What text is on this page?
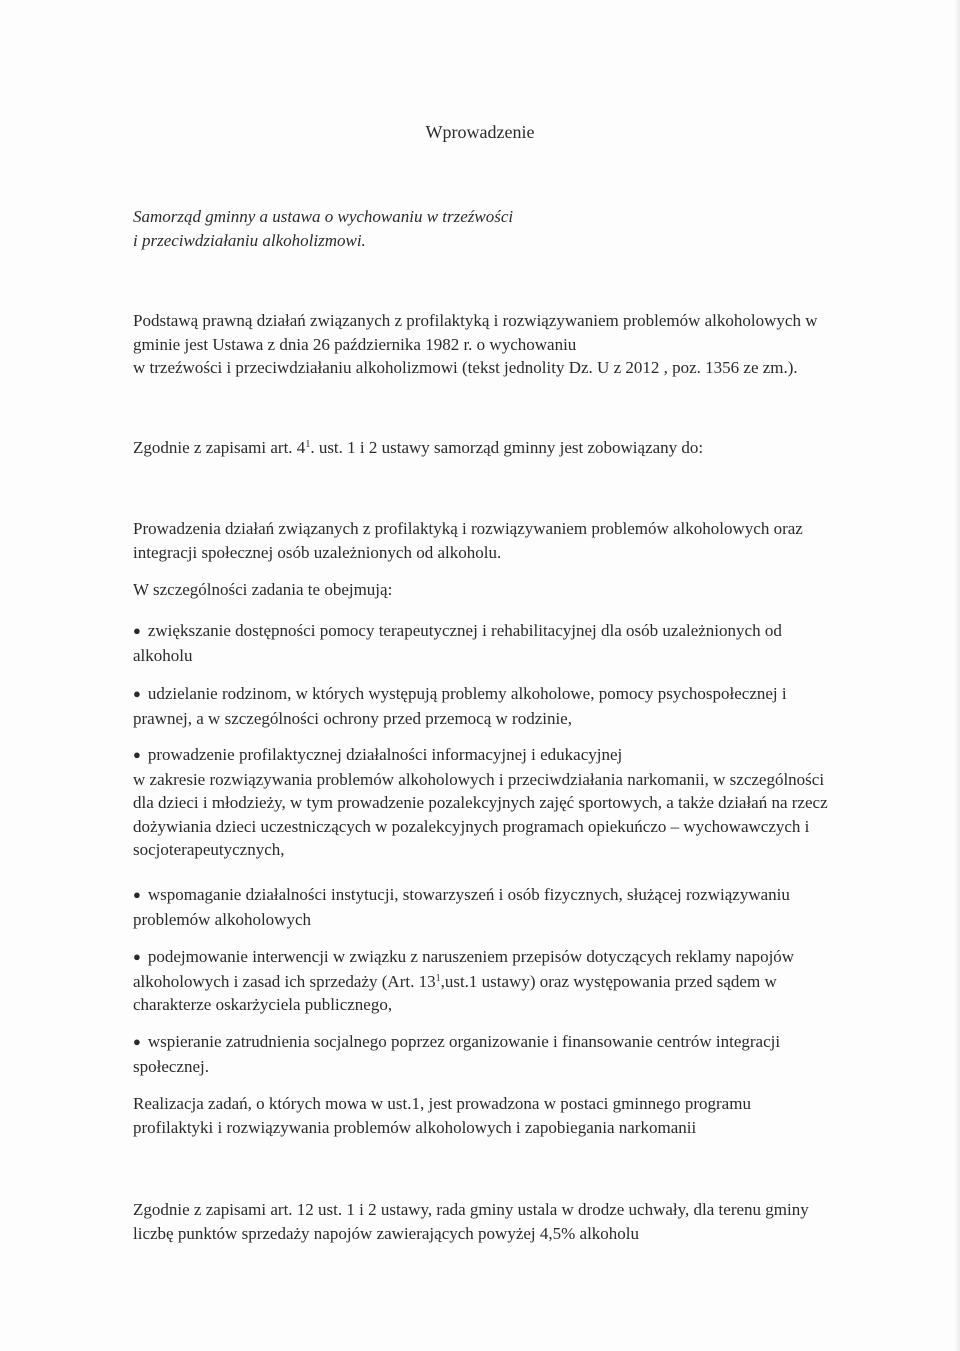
Wprowadzenie
Samorząd gminny a ustawa o wychowaniu w trzeźwości
i przeciwdziałaniu alkoholizmowi.
Podstawą prawną działań związanych z profilaktyką i rozwiązywaniem problemów alkoholowych w
gminie jest Ustawa z dnia 26 października 1982 r. o wychowaniu
w trzeźwości i przeciwdziałaniu alkoholizmowi (tekst jednolity Dz. U z 2012 , poz. 1356 ze zm.).
Zgodnie z zapisami art. $4^1$. ust. 1 i 2 ustawy samorząd gminny jest zobowiązany do:
Prowadzenia działań związanych z profilaktyką i rozwiązywaniem problemów alkoholowych oraz
integracji społecznej osób uzależnionych od alkoholu.
W szczególności zadania te obejmują:
● zwiększanie dostępności pomocy terapeutycznej i rehabilitacyjnej dla osób uzależnionych od
alkoholu
● udzielanie rodzinom, w których występują problemy alkoholowe, pomocy psychospołecznej i
prawnej, a w szczególności ochrony przed przemocą w rodzinie,
● prowadzenie profilaktycznej działalności informacyjnej i edukacyjnej
w zakresie rozwiązywania problemów alkoholowych i przeciwdziałania narkomanii, w szczególności
dla dzieci i młodzieży, w tym prowadzenie pozalekcyjnych zajęć sportowych, a także działań na rzecz
dożywiania dzieci uczestniczących w pozalekcyjnych programach opiekuńczo – wychowawczych i
socjoterapeutycznych,
● wspomaganie działalności instytucji, stowarzyszeń i osób fizycznych, służącej rozwiązywaniu
problemów alkoholowych
● podejmowanie interwencji w związku z naruszeniem przepisów dotyczących reklamy napojów
alkoholowych i zasad ich sprzedaży (Art. $13^1,ust.1$ ustawy) oraz występowania przed sądem w
charakterze oskarżyciela publicznego,
● wspieranie zatrudnienia socjalnego poprzez organizowanie i finansowanie centrów integracji
społecznej.
Realizacja zadań, o których mowa w ust.1, jest prowadzona w postaci gminnego programu
profilaktyki i rozwiązywania problemów alkoholowych i zapobiegania narkomanii
Zgodnie z zapisami art. 12 ust. 1 i 2 ustawy, rada gminy ustala w drodze uchwały, dla terenu gminy
liczbę punktów sprzedaży napojów zawierających powyżej 4,5% alkoholu
